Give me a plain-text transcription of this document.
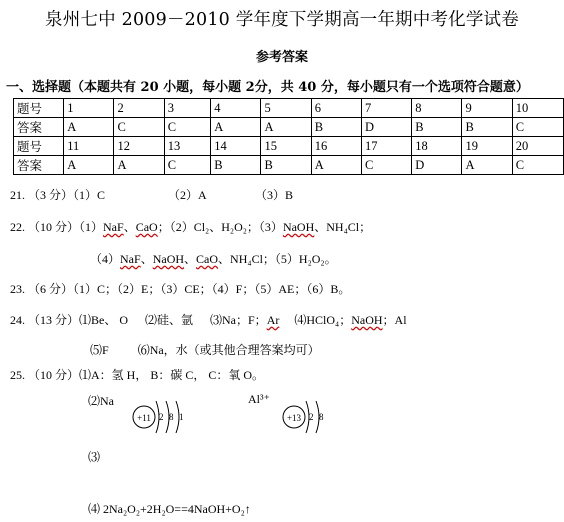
泉州七中 2009－2010 学年度下学期高一年期中考化学试卷
参考答案
一、选择题（本题共有 20 小题，每小题 2分，共 40 分，每小题只有一个选项符合题意）
题号	1	2	3	4	5	6	7	8	9	10
答案	A	C	C	A	A	B	D	B	B	C
题号	11	12	13	14	15	16	17	18	19	20
答案	A	A	C	B	B	A	C	D	A	C
21. （3 分）（1）C	（2）A	（3）B
22. （10 分）（1）NaF、CaO；（2）Cl₂、H₂O₂；（3）NaOH、NH₄Cl；
（4）NaF、NaOH、CaO、NH₄Cl；（5）H₂O₂。
23. （6 分）（1）C；（2）E；（3）CE；（4）F；（5）AE；（6）B。
24. （13 分）⑴Be、 O ⑵硅、氩 ⑶Na；F；Ar ⑷HClO₄；NaOH；Al
⑸F ⑹Na，水（或其他合理答案均可）
25. （10 分）⑴A：氢 H， B：碳 C， C：氧 O。
⑵Na	Al³⁺
+11 2 8 1	+13 2 8
⑶
⑷ 2Na₂O₂+2H₂O==4NaOH+O₂↑
